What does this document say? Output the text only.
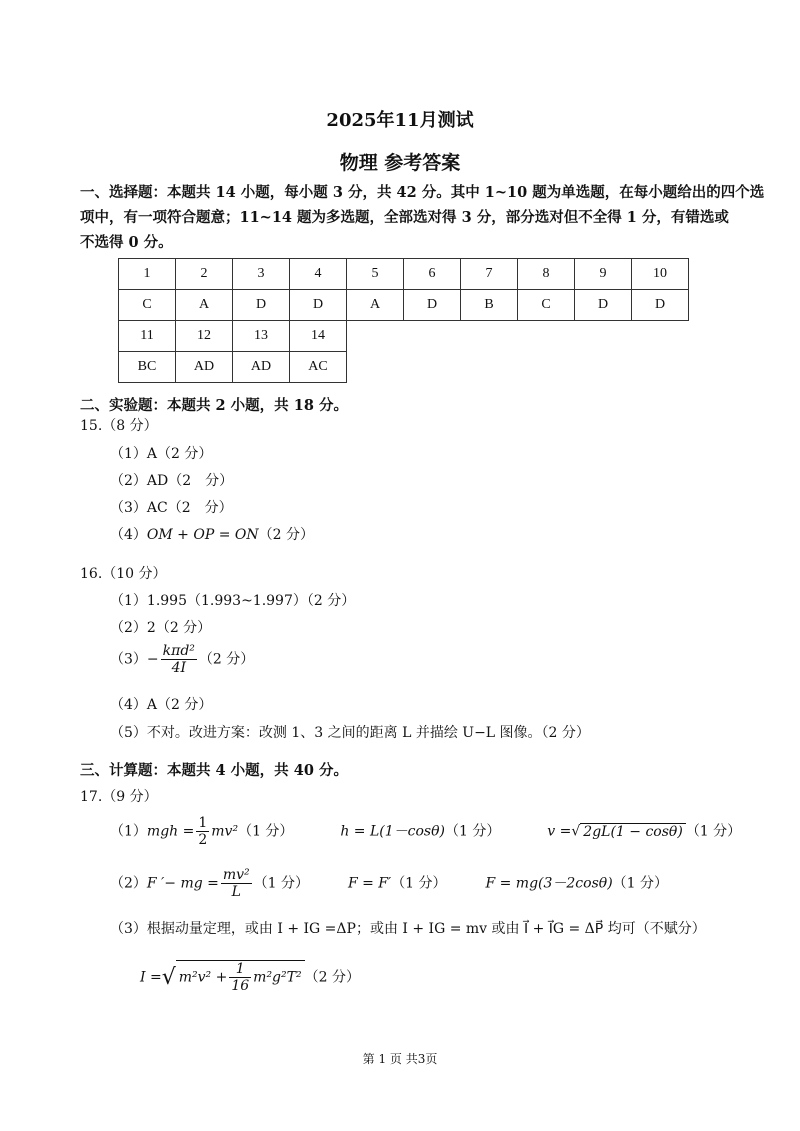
2025年11月测试
物理 参考答案
一、选择题：本题共 14 小题，每小题 3 分，共 42 分。其中 1~10 题为单选题，在每小题给出的四个选
项中，有一项符合题意；11~14 题为多选题，全部选对得 3 分，部分选对但不全得 1 分，有错选或
不选得 0 分。
1	2	3	4	5	6	7	8	9	10
C	A	D	D	A	D	B	C	D	D
11	12	13	14						
BC	AD	AD	AC						
二、实验题：本题共 2 小题，共 18 分。
15.（8 分）
（1）A（2 分）
（2）AD（2　分）
（3）AC（2　分）
（4）OM + OP = ON（2 分）
16.（10 分）
（1）1.995（1.993~1.997）（2 分）
（2）2（2 分）
$(3)- \frac{\text{kπd²}}{4I} (2$ 分）
（4）A（2 分）
（5）不对。改进方案：改测 1、3 之间的距离 L 并描绘 U−L 图像。（2 分）
三、计算题：本题共 4 小题，共 40 分。
17.（9 分）
$(1)mgh = \frac{1}{2} mv^2(1$ 分）	h = L(1－cosθ)（1 分）	v =√ 2gL(1 − cosθ) （1 分）
（2）F ′− mg = $\frac{\text{mv²}}{L} (1$ 分）	F = F′（1 分）	F = mg(3－2cosθ)（1 分）
（3）根据动量定理，或由 I + IG =ΔP；或由 I + IG = mv 或由 I⃗ + I⃗G = ΔP⃗ 均可（不赋分）
I =√ $m^2v^2 + \frac{1}{16} m^2g^2T^2$ （2 分）
第 1 页 共3页
